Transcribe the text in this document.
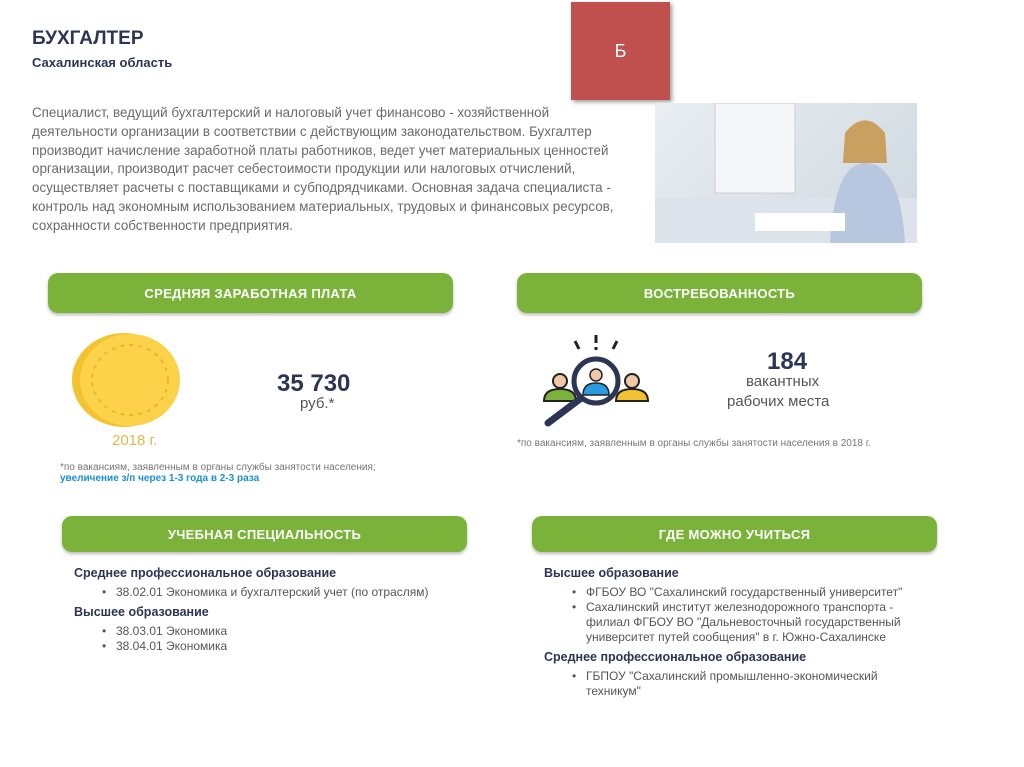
БУХГАЛТЕР
Сахалинская область
Б
Специалист, ведущий бухгалтерский и налоговый учет финансово - хозяйственной деятельности организации в соответствии с действующим законодательством. Бухгалтер производит начисление заработной платы работников, ведет учет материальных ценностей организации, производит расчет себестоимости продукции или налоговых отчислений, осуществляет расчеты с поставщиками и субподрядчиками. Основная задача специалиста - контроль над экономным использованием материальных, трудовых и финансовых ресурсов, сохранности собственности предприятия.
СРЕДНЯЯ ЗАРАБОТНАЯ ПЛАТА	ВОСТРЕБОВАННОСТЬ
2018 г.
35 730
руб.*
*по вакансиям, заявленным в органы службы занятости населения;
увеличение з/п через 1-3 года в 2-3 раза
184
вакантных
рабочих места
*по вакансиям, заявленным в органы службы занятости населения в 2018 г.
УЧЕБНАЯ СПЕЦИАЛЬНОСТЬ	ГДЕ МОЖНО УЧИТЬСЯ
Среднее профессиональное образование
• 38.02.01 Экономика и бухгалтерский учет (по отраслям)
Высшее образование
• 38.03.01 Экономика
• 38.04.01 Экономика
Высшее образование
• ФГБОУ ВО "Сахалинский государственный университет"
• Сахалинский институт железнодорожного транспорта - филиал ФГБОУ ВО "Дальневосточный государственный университет путей сообщения" в г. Южно-Сахалинске
Среднее профессиональное образование
• ГБПОУ "Сахалинский промышленно-экономический техникум"
